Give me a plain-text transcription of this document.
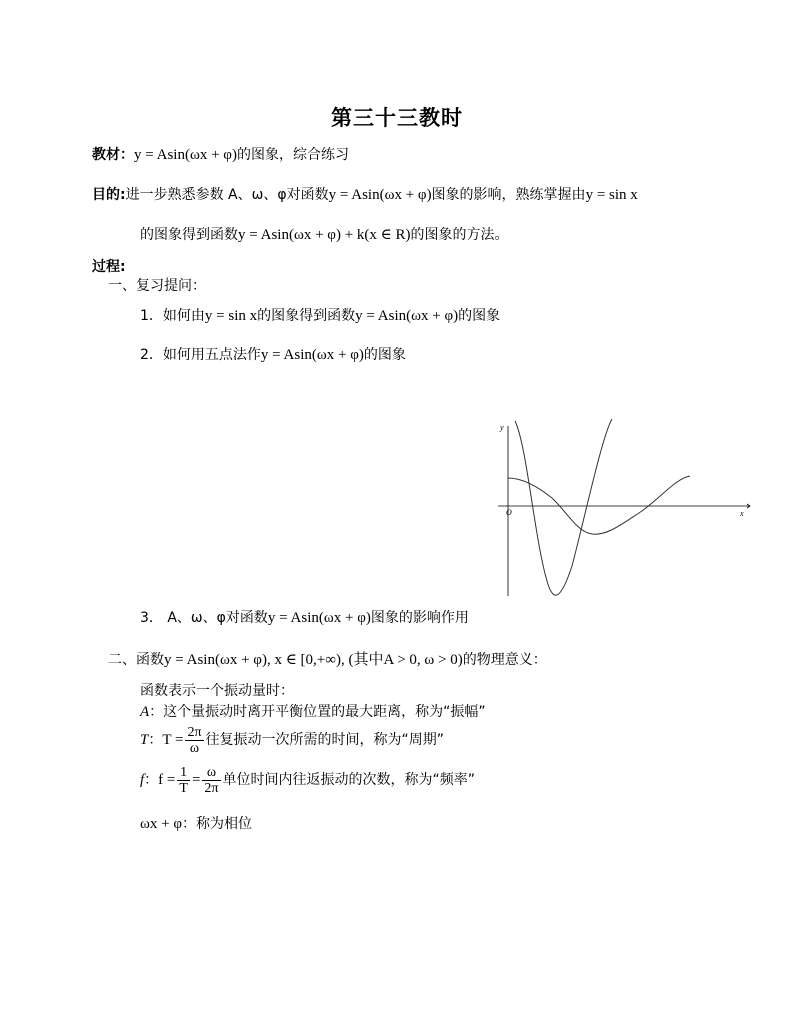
第三十三教时
教材：y = Asin(ωx + φ)的图象，综合练习
目的:进一步熟悉参数 A、ω、φ对函数y = Asin(ωx + φ)图象的影响，熟练掌握由y = sin x
的图象得到函数y = Asin(ωx + φ) + k(x ∈ R)的图象的方法。
过程:
一、复习提问：
1．如何由y = sin x的图象得到函数y = Asin(ωx + φ)的图象
2．如何用五点法作y = Asin(ωx + φ)的图象
y
x
O
3． A、ω、φ对函数y = Asin(ωx + φ)图象的影响作用
二、函数y = Asin(ωx + φ), x ∈ [0,+∞), (其中A > 0, ω > 0)的物理意义：
函数表示一个振动量时：
A：这个量振动时离开平衡位置的最大距离，称为“振幅”
T：$T = \frac{2\pi}{\omega}$ 往复振动一次所需的时间，称为“周期”
f：$f = \frac{1}{T} = \frac{\omega}{2\pi}$ 单位时间内往返振动的次数，称为“频率”
ωx + φ：称为相位
